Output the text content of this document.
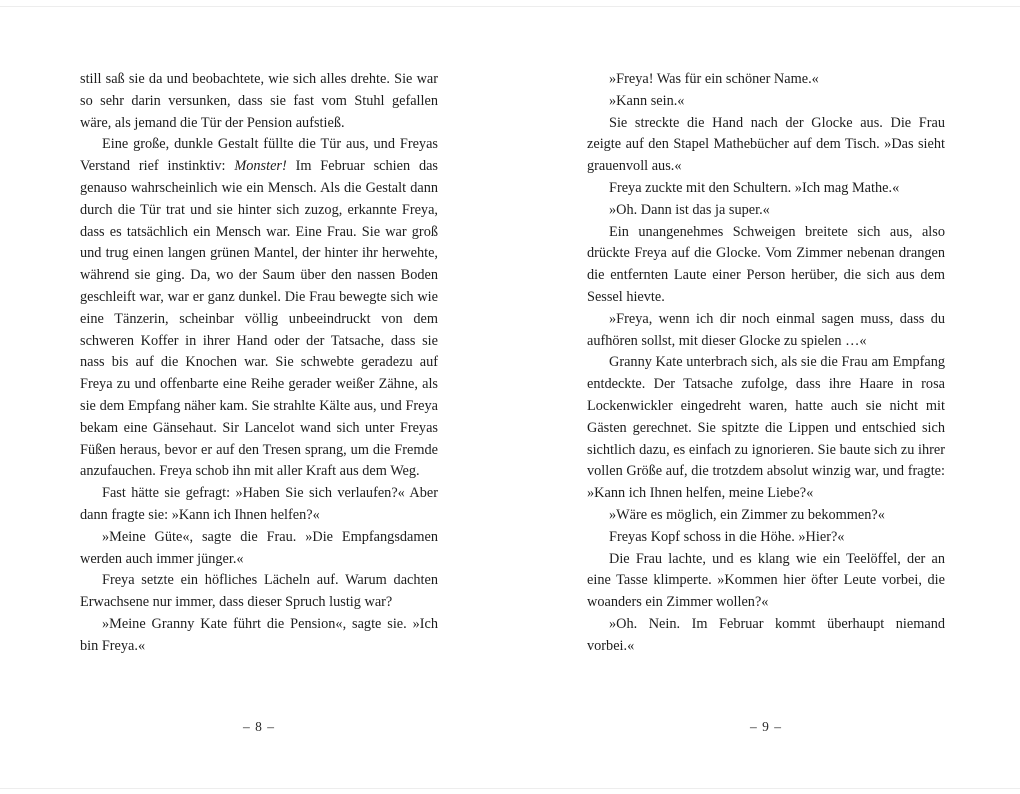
still saß sie da und beobachtete, wie sich alles drehte. Sie war so sehr darin versunken, dass sie fast vom Stuhl gefallen wäre, als jemand die Tür der Pension aufstieß.

Eine große, dunkle Gestalt füllte die Tür aus, und Freyas Verstand rief instinktiv: Monster! Im Februar schien das genauso wahrscheinlich wie ein Mensch. Als die Gestalt dann durch die Tür trat und sie hinter sich zuzog, erkannte Freya, dass es tatsächlich ein Mensch war. Eine Frau. Sie war groß und trug einen langen grünen Mantel, der hinter ihr herwehte, während sie ging. Da, wo der Saum über den nassen Boden geschleift war, war er ganz dunkel. Die Frau bewegte sich wie eine Tänzerin, scheinbar völlig unbeeindruckt von dem schweren Koffer in ihrer Hand oder der Tatsache, dass sie nass bis auf die Knochen war. Sie schwebte geradezu auf Freya zu und offenbarte eine Reihe gerader weißer Zähne, als sie dem Empfang näher kam. Sie strahlte Kälte aus, und Freya bekam eine Gänsehaut. Sir Lancelot wand sich unter Freyas Füßen heraus, bevor er auf den Tresen sprang, um die Fremde anzufauchen. Freya schob ihn mit aller Kraft aus dem Weg.

Fast hätte sie gefragt: »Haben Sie sich verlaufen?« Aber dann fragte sie: »Kann ich Ihnen helfen?«

»Meine Güte«, sagte die Frau. »Die Empfangsdamen werden auch immer jünger.«

Freya setzte ein höfliches Lächeln auf. Warum dachten Erwachsene nur immer, dass dieser Spruch lustig war?

»Meine Granny Kate führt die Pension«, sagte sie. »Ich bin Freya.«

»Freya! Was für ein schöner Name.«

»Kann sein.«

Sie streckte die Hand nach der Glocke aus. Die Frau zeigte auf den Stapel Mathebücher auf dem Tisch. »Das sieht grauenvoll aus.«

Freya zuckte mit den Schultern. »Ich mag Mathe.«

»Oh. Dann ist das ja super.«

Ein unangenehmes Schweigen breitete sich aus, also drückte Freya auf die Glocke. Vom Zimmer nebenan drangen die entfernten Laute einer Person herüber, die sich aus dem Sessel hievte.

»Freya, wenn ich dir noch einmal sagen muss, dass du aufhören sollst, mit dieser Glocke zu spielen …«

Granny Kate unterbrach sich, als sie die Frau am Empfang entdeckte. Der Tatsache zufolge, dass ihre Haare in rosa Lockenwickler eingedreht waren, hatte auch sie nicht mit Gästen gerechnet. Sie spitzte die Lippen und entschied sich sichtlich dazu, es einfach zu ignorieren. Sie baute sich zu ihrer vollen Größe auf, die trotzdem absolut winzig war, und fragte: »Kann ich Ihnen helfen, meine Liebe?«

»Wäre es möglich, ein Zimmer zu bekommen?«

Freyas Kopf schoss in die Höhe. »Hier?«

Die Frau lachte, und es klang wie ein Teelöffel, der an eine Tasse klimperte. »Kommen hier öfter Leute vorbei, die woanders ein Zimmer wollen?«

»Oh. Nein. Im Februar kommt überhaupt niemand vorbei.«

– 8 –	– 9 –
